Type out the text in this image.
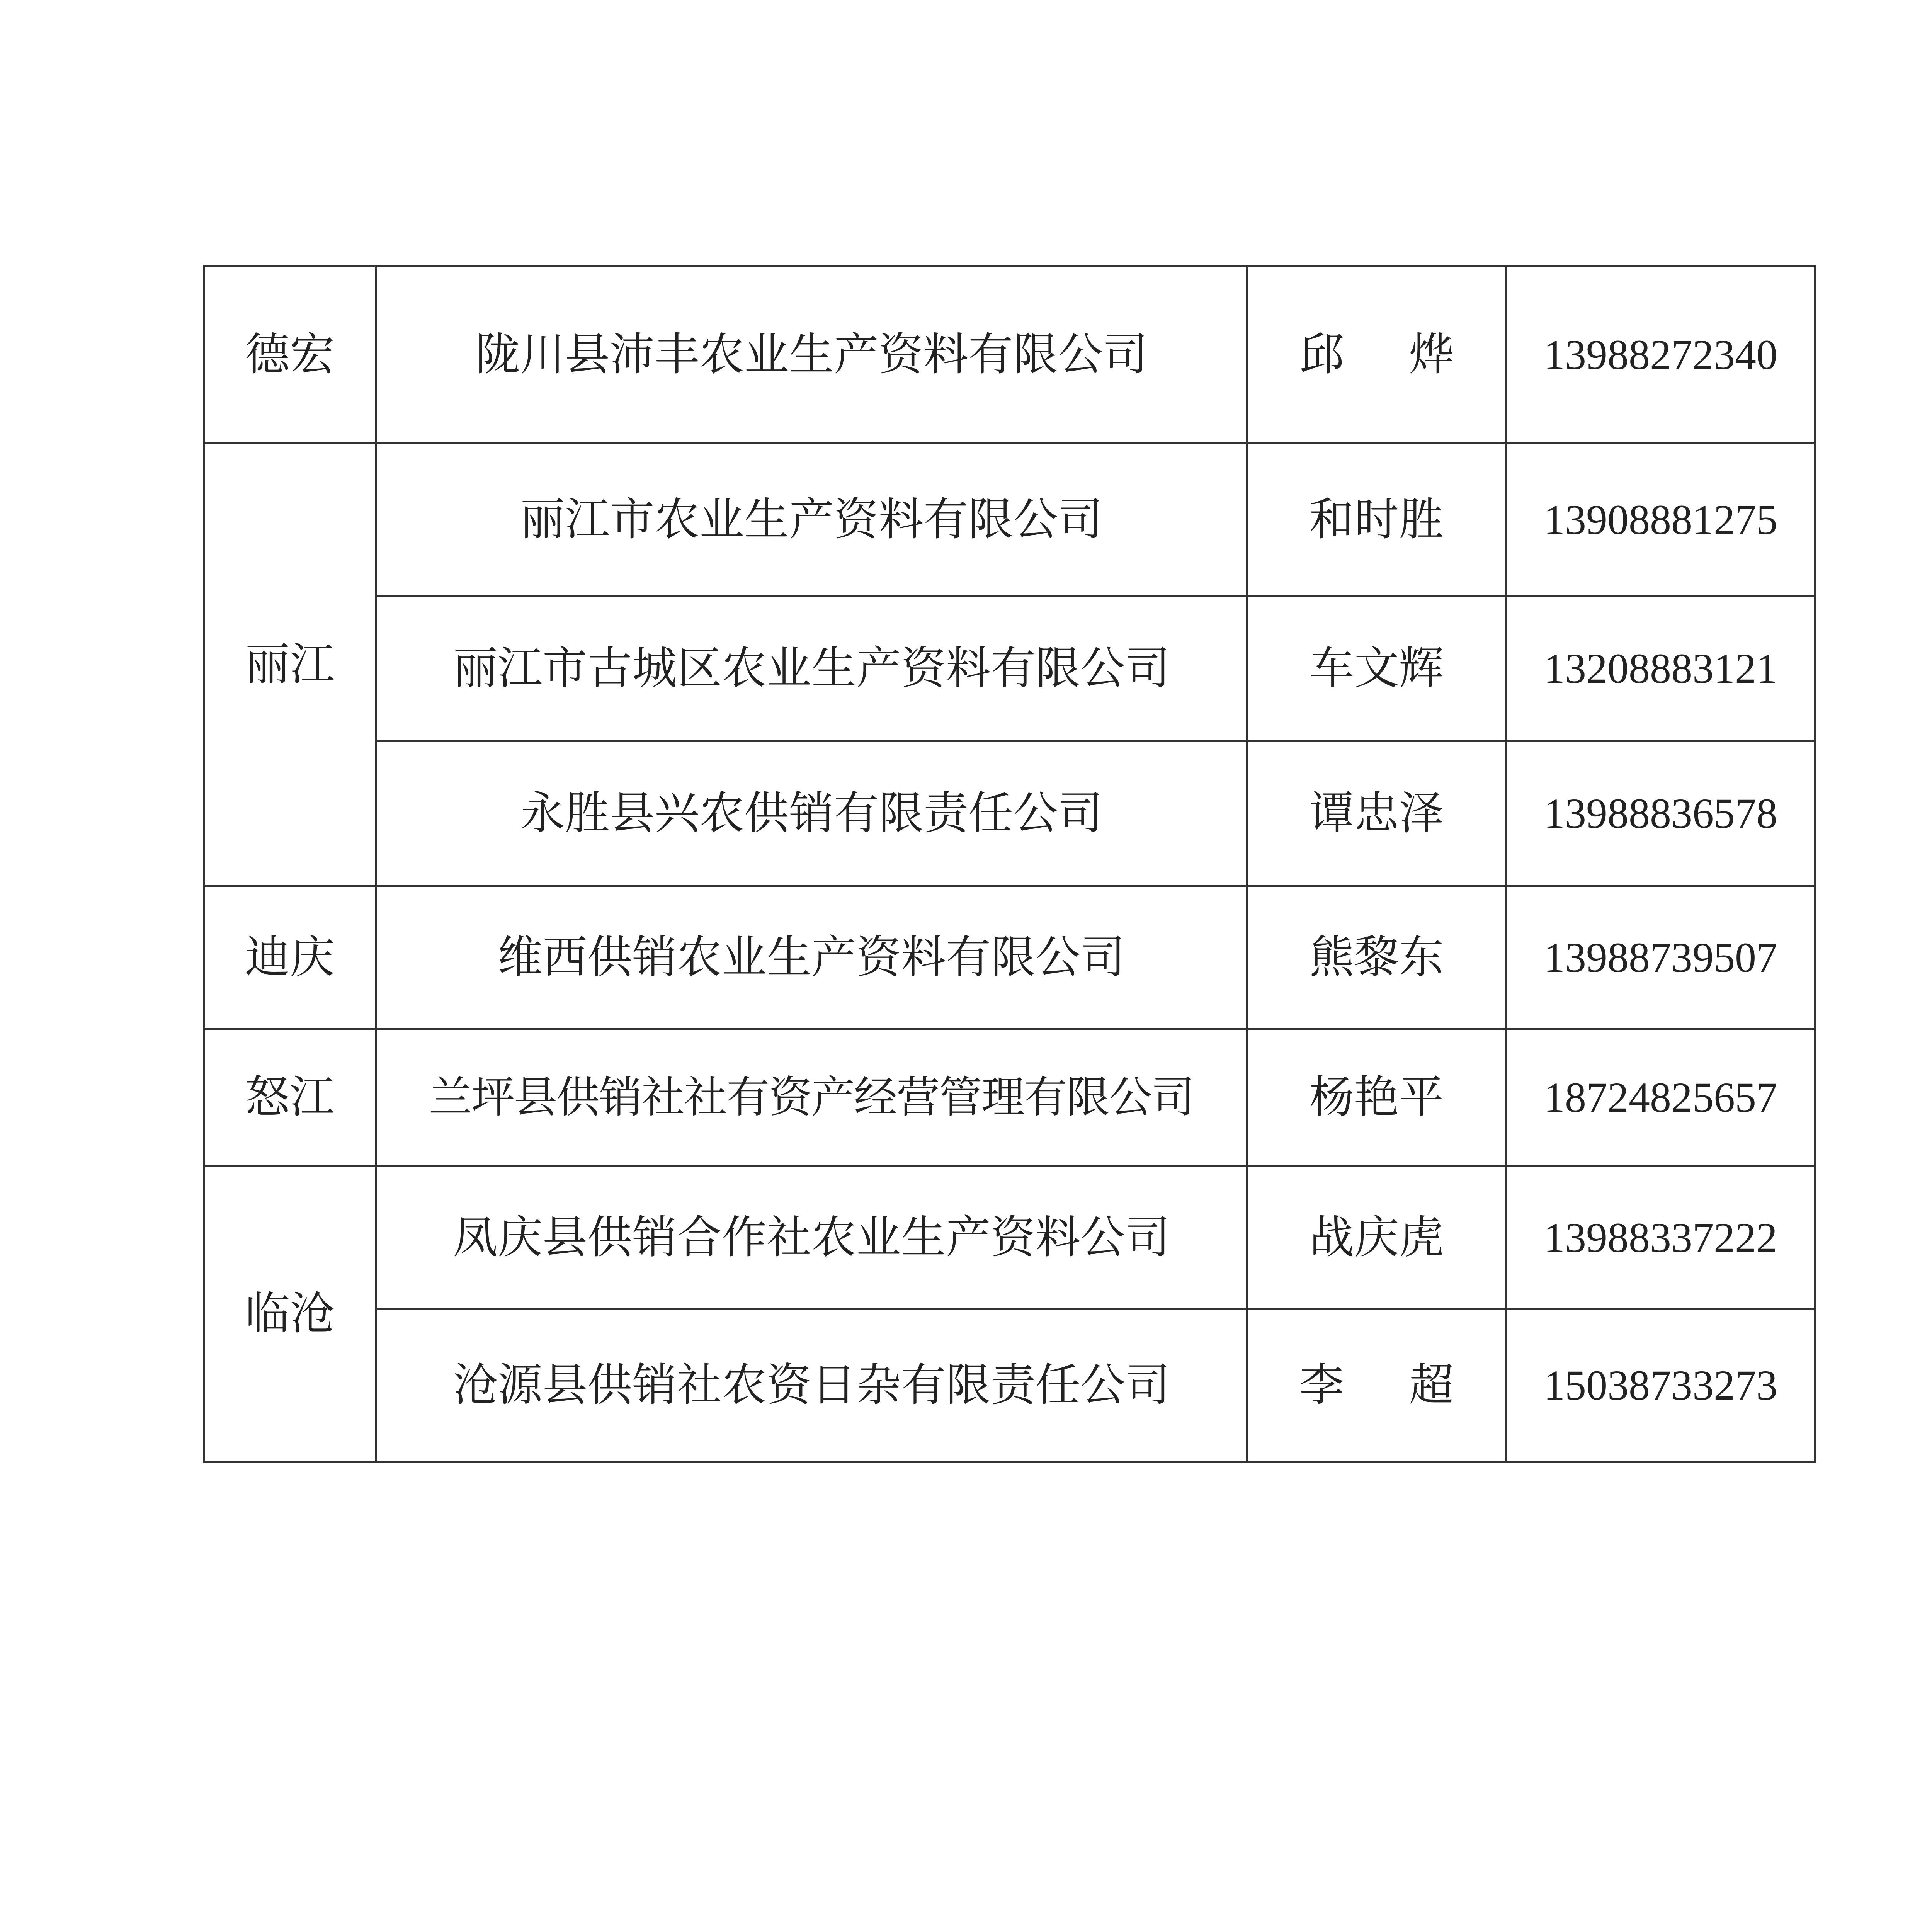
德宏	陇川县沛丰农业生产资料有限公司	邱 烨	13988272340
丽江	丽江市农业生产资料有限公司	和时胜	13908881275
	丽江市古城区农业生产资料有限公司	车文辉	13208883121
	永胜县兴农供销有限责任公司	谭忠泽	13988836578
迪庆	维西供销农业生产资料有限公司	熊黎东	13988739507
怒江	兰坪县供销社社有资产经营管理有限公司	杨艳平	18724825657
临沧	凤庆县供销合作社农业生产资料公司	战庆虎	13988337222
	沧源县供销社农资日杂有限责任公司	李 超	15038733273
